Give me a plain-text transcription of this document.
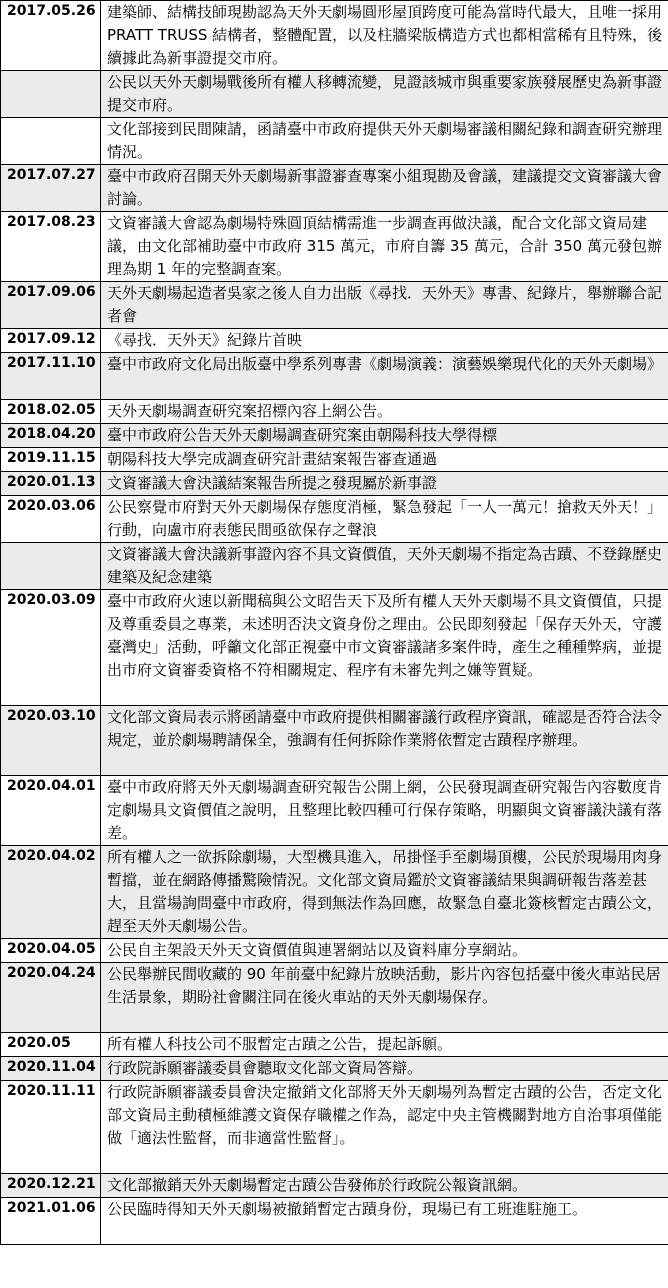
2017.05.26	建築師、結構技師現勘認為天外天劇場圓形屋頂跨度可能為當時代最大，且唯一採用 PRATT TRUSS 結構者，整體配置，以及柱牆梁版構造方式也都相當稀有且特殊，後續據此為新事證提交市府。
	公民以天外天劇場戰後所有權人移轉流變，見證該城市與重要家族發展歷史為新事證提交市府。
	文化部接到民間陳請，函請臺中市政府提供天外天劇場審議相關紀錄和調查研究辦理情況。
2017.07.27	臺中市政府召開天外天劇場新事證審查專案小組現勘及會議，建議提交文資審議大會討論。
2017.08.23	文資審議大會認為劇場特殊圓頂結構需進一步調查再做決議，配合文化部文資局建議，由文化部補助臺中市政府 315 萬元，市府自籌 35 萬元，合計 350 萬元發包辦理為期 1 年的完整調查案。
2017.09.06	天外天劇場起造者吳家之後人自力出版《尋找．天外天》專書、紀錄片，舉辦聯合記者會
2017.09.12	《尋找．天外天》紀錄片首映
2017.11.10	臺中市政府文化局出版臺中學系列專書《劇場演義：演藝娛樂現代化的天外天劇場》
2018.02.05	天外天劇場調查研究案招標內容上網公告。
2018.04.20	臺中市政府公告天外天劇場調查研究案由朝陽科技大學得標
2019.11.15	朝陽科技大學完成調查研究計畫結案報告審查通過
2020.01.13	文資審議大會決議結案報告所提之發現屬於新事證
2020.03.06	公民察覺市府對天外天劇場保存態度消極，緊急發起「一人一萬元！搶救天外天！」行動，向盧市府表態民間亟欲保存之聲浪
	文資審議大會決議新事證內容不具文資價值，天外天劇場不指定為古蹟、不登錄歷史建築及紀念建築
2020.03.09	臺中市政府火速以新聞稿與公文昭告天下及所有權人天外天劇場不具文資價值，只提及尊重委員之專業，未述明否決文資身份之理由。公民即刻發起「保存天外天，守護臺灣史」活動，呼籲文化部正視臺中市文資審議諸多案件時，產生之種種弊病，並提出市府文資審委資格不符相關規定、程序有未審先判之嫌等質疑。
2020.03.10	文化部文資局表示將函請臺中市政府提供相關審議行政程序資訊，確認是否符合法令規定，並於劇場聘請保全，強調有任何拆除作業將依暫定古蹟程序辦理。
2020.04.01	臺中市政府將天外天劇場調查研究報告公開上網，公民發現調查研究報告內容數度肯定劇場具文資價值之說明，且整理比較四種可行保存策略，明顯與文資審議決議有落差。
2020.04.02	所有權人之一欲拆除劇場，大型機具進入，吊掛怪手至劇場頂樓，公民於現場用肉身暫擋，並在網路傳播驚險情況。文化部文資局鑑於文資審議結果與調研報告落差甚大，且當場詢問臺中市政府，得到無法作為回應，故緊急自臺北簽核暫定古蹟公文，趕至天外天劇場公告。
2020.04.05	公民自主架設天外天文資價值與連署網站以及資料庫分享網站。
2020.04.24	公民舉辦民間收藏的 90 年前臺中紀錄片放映活動，影片內容包括臺中後火車站民居生活景象，期盼社會關注同在後火車站的天外天劇場保存。
2020.05	所有權人科技公司不服暫定古蹟之公告，提起訴願。
2020.11.04	行政院訴願審議委員會聽取文化部文資局答辯。
2020.11.11	行政院訴願審議委員會決定撤銷文化部將天外天劇場列為暫定古蹟的公告，否定文化部文資局主動積極維護文資保存職權之作為，認定中央主管機關對地方自治事項僅能做「適法性監督，而非適當性監督」。
2020.12.21	文化部撤銷天外天劇場暫定古蹟公告發佈於行政院公報資訊網。
2021.01.06	公民臨時得知天外天劇場被撤銷暫定古蹟身份，現場已有工班進駐施工。
